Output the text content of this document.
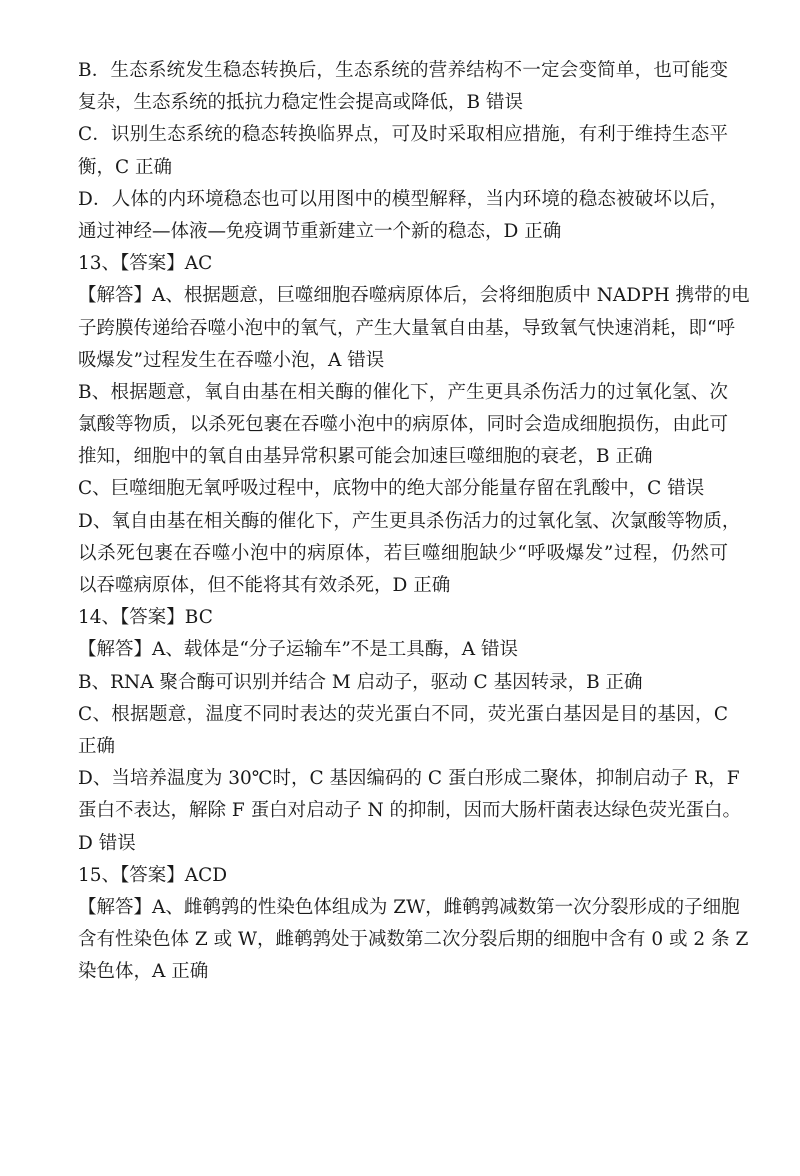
B．生态系统发生稳态转换后，生态系统的营养结构不一定会变简单，也可能变
复杂，生态系统的抵抗力稳定性会提高或降低，B 错误
C．识别生态系统的稳态转换临界点，可及时采取相应措施，有利于维持生态平
衡，C 正确
D．人体的内环境稳态也可以用图中的模型解释，当内环境的稳态被破坏以后，
通过神经—体液—免疫调节重新建立一个新的稳态，D 正确
13、【答案】AC
【解答】A、根据题意，巨噬细胞吞噬病原体后，会将细胞质中 NADPH 携带的电
子跨膜传递给吞噬小泡中的氧气，产生大量氧自由基，导致氧气快速消耗，即“呼
吸爆发”过程发生在吞噬小泡，A 错误
B、根据题意，氧自由基在相关酶的催化下，产生更具杀伤活力的过氧化氢、次
氯酸等物质，以杀死包裹在吞噬小泡中的病原体，同时会造成细胞损伤，由此可
推知，细胞中的氧自由基异常积累可能会加速巨噬细胞的衰老，B 正确
C、巨噬细胞无氧呼吸过程中，底物中的绝大部分能量存留在乳酸中，C 错误
D、氧自由基在相关酶的催化下，产生更具杀伤活力的过氧化氢、次氯酸等物质，
以杀死包裹在吞噬小泡中的病原体，若巨噬细胞缺少“呼吸爆发”过程，仍然可
以吞噬病原体，但不能将其有效杀死，D 正确
14、【答案】BC
【解答】A、载体是“分子运输车”不是工具酶，A 错误
B、RNA 聚合酶可识别并结合 M 启动子，驱动 C 基因转录，B 正确
C、根据题意，温度不同时表达的荧光蛋白不同，荧光蛋白基因是目的基因，C
正确
D、当培养温度为 30℃时，C 基因编码的 C 蛋白形成二聚体，抑制启动子 R，F
蛋白不表达，解除 F 蛋白对启动子 N 的抑制，因而大肠杆菌表达绿色荧光蛋白。
D 错误
15、【答案】ACD
【解答】A、雌鹌鹑的性染色体组成为 ZW，雌鹌鹑减数第一次分裂形成的子细胞
含有性染色体 Z 或 W，雌鹌鹑处于减数第二次分裂后期的细胞中含有 0 或 2 条 Z
染色体，A 正确
